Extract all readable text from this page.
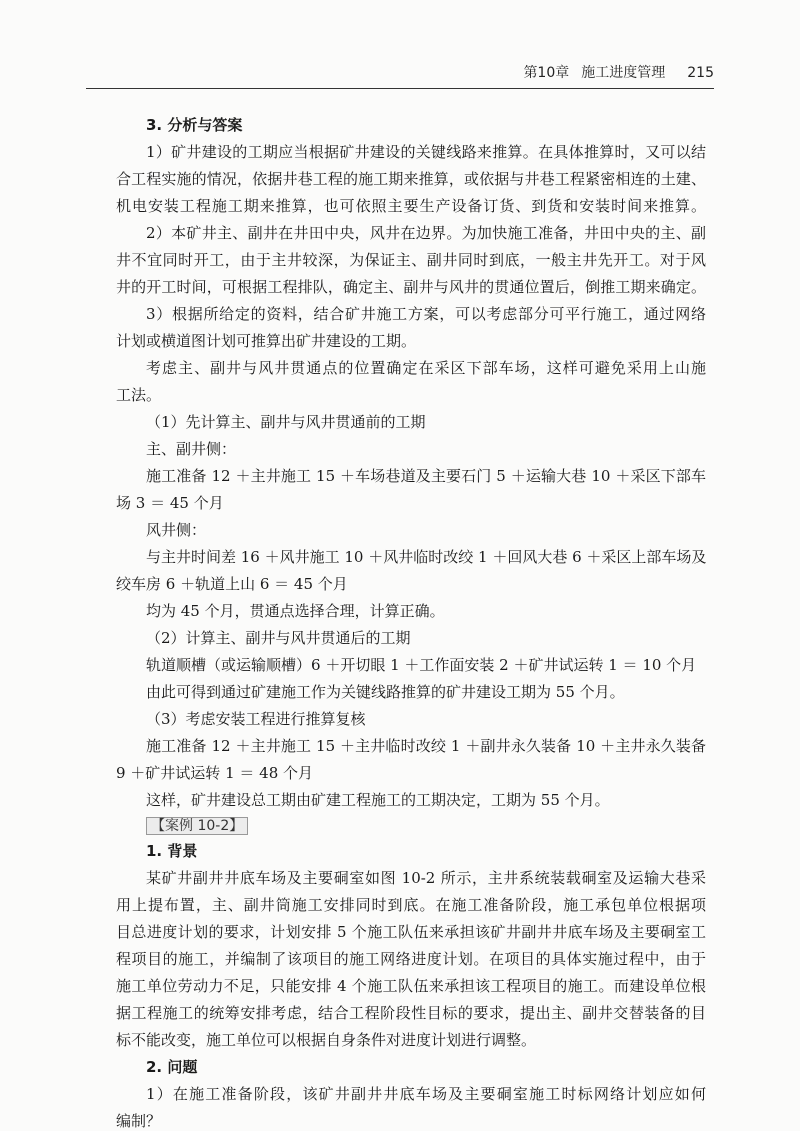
第10章 施工进度管理 215
3. 分析与答案
1）矿井建设的工期应当根据矿井建设的关键线路来推算。在具体推算时，又可以结
合工程实施的情况，依据井巷工程的施工期来推算，或依据与井巷工程紧密相连的土建、
机电安装工程施工期来推算，也可依照主要生产设备订货、到货和安装时间来推算。
2）本矿井主、副井在井田中央，风井在边界。为加快施工准备，井田中央的主、副
井不宜同时开工，由于主井较深，为保证主、副井同时到底，一般主井先开工。对于风
井的开工时间，可根据工程排队，确定主、副井与风井的贯通位置后，倒推工期来确定。
3）根据所给定的资料，结合矿井施工方案，可以考虑部分可平行施工，通过网络
计划或横道图计划可推算出矿井建设的工期。
考虑主、副井与风井贯通点的位置确定在采区下部车场，这样可避免采用上山施
工法。
（1）先计算主、副井与风井贯通前的工期
主、副井侧：
施工准备 12 ＋主井施工 15 ＋车场巷道及主要石门 5 ＋运输大巷 10 ＋采区下部车
场 3 ＝ 45 个月
风井侧：
与主井时间差 16 ＋风井施工 10 ＋风井临时改绞 1 ＋回风大巷 6 ＋采区上部车场及
绞车房 6 ＋轨道上山 6 ＝ 45 个月
均为 45 个月，贯通点选择合理，计算正确。
（2）计算主、副井与风井贯通后的工期
轨道顺槽（或运输顺槽）6 ＋开切眼 1 ＋工作面安装 2 ＋矿井试运转 1 ＝ 10 个月
由此可得到通过矿建施工作为关键线路推算的矿井建设工期为 55 个月。
（3）考虑安装工程进行推算复核
施工准备 12 ＋主井施工 15 ＋主井临时改绞 1 ＋副井永久装备 10 ＋主井永久装备
9 ＋矿井试运转 1 ＝ 48 个月
这样，矿井建设总工期由矿建工程施工的工期决定，工期为 55 个月。
【案例 10-2】
1. 背景
某矿井副井井底车场及主要硐室如图 10-2 所示，主井系统装载硐室及运输大巷采
用上提布置，主、副井筒施工安排同时到底。在施工准备阶段，施工承包单位根据项
目总进度计划的要求，计划安排 5 个施工队伍来承担该矿井副井井底车场及主要硐室工
程项目的施工，并编制了该项目的施工网络进度计划。在项目的具体实施过程中，由于
施工单位劳动力不足，只能安排 4 个施工队伍来承担该工程项目的施工。而建设单位根
据工程施工的统筹安排考虑，结合工程阶段性目标的要求，提出主、副井交替装备的目
标不能改变，施工单位可以根据自身条件对进度计划进行调整。
2. 问题
1）在施工准备阶段，该矿井副井井底车场及主要硐室施工时标网络计划应如何
编制？
